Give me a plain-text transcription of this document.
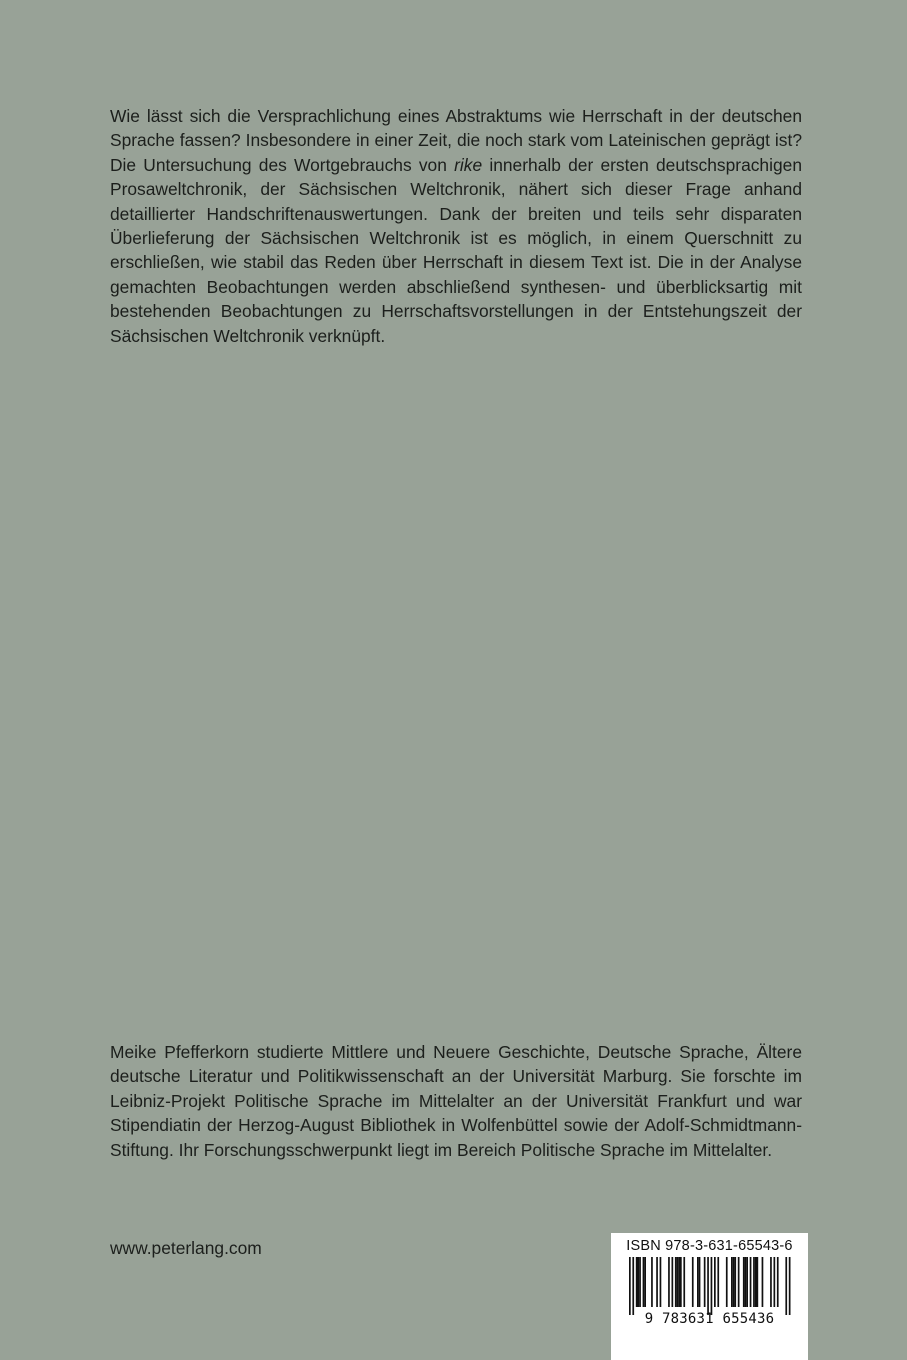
Wie lässt sich die Versprachlichung eines Abstraktums wie Herrschaft in der deutschen Sprache fassen? Insbesondere in einer Zeit, die noch stark vom Lateinischen geprägt ist? Die Untersuchung des Wortgebrauchs von rike innerhalb der ersten deutschsprachigen Prosaweltchronik, der Sächsischen Weltchronik, nähert sich dieser Frage anhand detaillierter Handschriftenauswertungen. Dank der breiten und teils sehr disparaten Überlieferung der Sächsischen Weltchronik ist es möglich, in einem Querschnitt zu erschließen, wie stabil das Reden über Herrschaft in diesem Text ist. Die in der Analyse gemachten Beobachtungen werden abschließend synthesen- und überblicksartig mit bestehenden Beobachtungen zu Herrschaftsvorstellungen in der Entstehungszeit der Sächsischen Weltchronik verknüpft.

Meike Pfefferkorn studierte Mittlere und Neuere Geschichte, Deutsche Sprache, Ältere deutsche Literatur und Politikwissenschaft an der Universität Marburg. Sie forschte im Leibniz-Projekt Politische Sprache im Mittelalter an der Universität Frankfurt und war Stipendiatin der Herzog-August Bibliothek in Wolfenbüttel sowie der Adolf-Schmidtmann-Stiftung. Ihr Forschungsschwerpunkt liegt im Bereich Politische Sprache im Mittelalter.

www.peterlang.com	ISBN 978-3-631-65543-6
9 783631 655436
